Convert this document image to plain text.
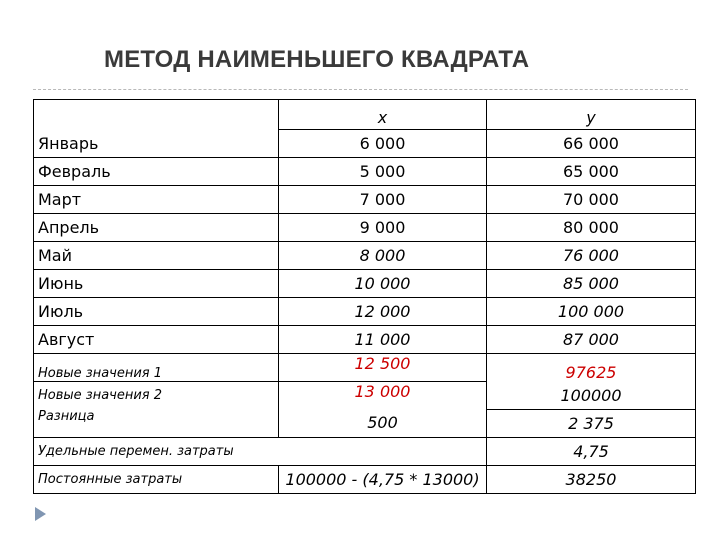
МЕТОД НАИМЕНЬШЕГО КВАДРАТА
	x	y
Январь	6 000	66 000
Февраль	5 000	65 000
Март	7 000	70 000
Апрель	9 000	80 000
Май	8 000	76 000
Июнь	10 000	85 000
Июль	12 000	100 000
Август	11 000	87 000
Новые значения 1	12 500	97625
Новые значения 2	13 000	100000
Разница	500	2 375
Удельные перемен. затраты		4,75
Постоянные затраты	100000 - (4,75 * 13000)	38250
